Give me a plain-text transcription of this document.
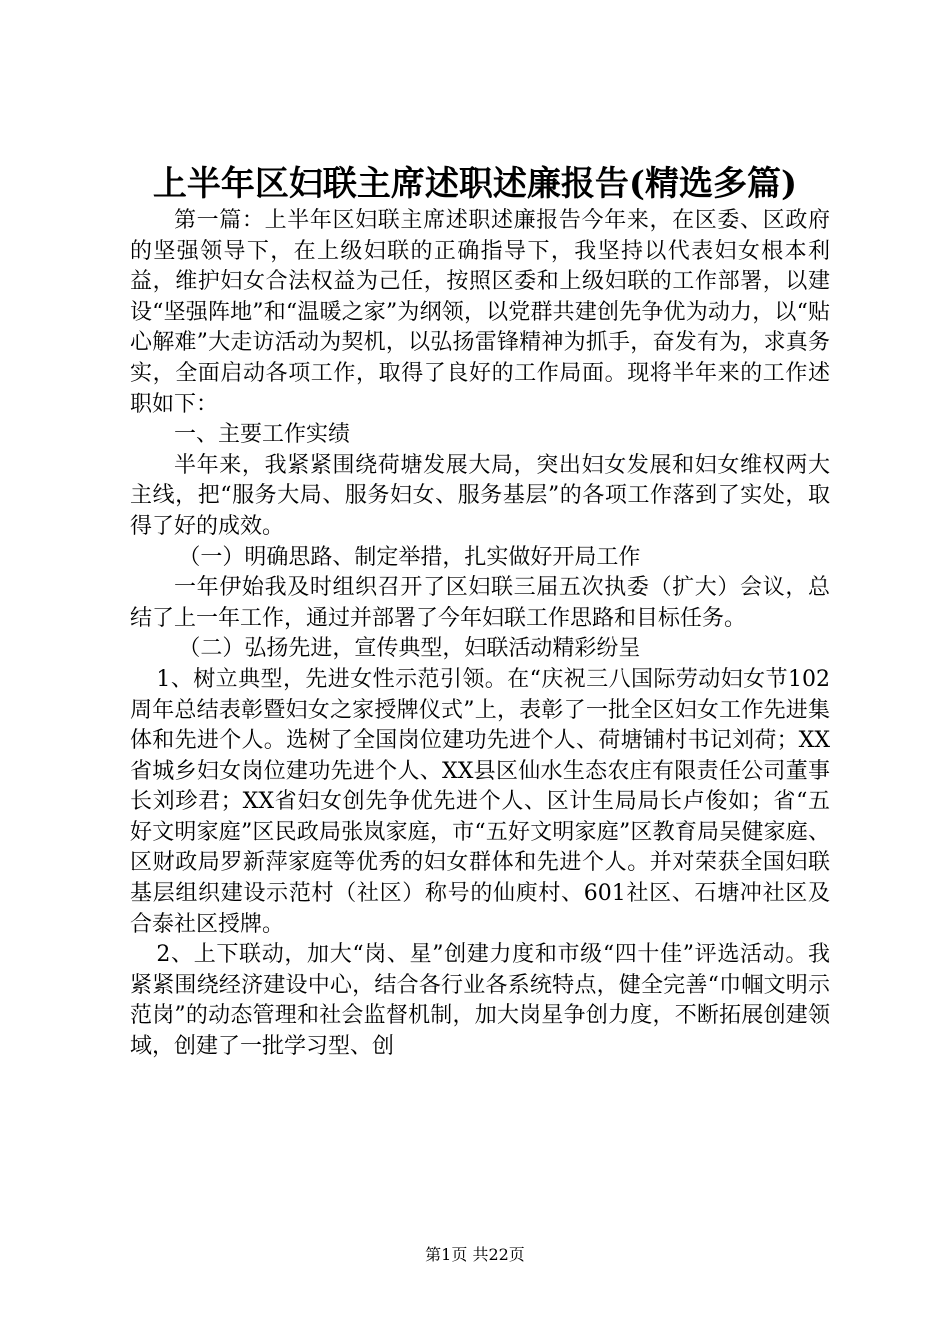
上半年区妇联主席述职述廉报告(精选多篇)

第一篇：上半年区妇联主席述职述廉报告今年来，在区委、区政府的坚强领导下，在上级妇联的正确指导下，我坚持以代表妇女根本利益，维护妇女合法权益为己任，按照区委和上级妇联的工作部署，以建设“坚强阵地”和“温暖之家”为纲领，以党群共建创先争优为动力，以“贴心解难”大走访活动为契机，以弘扬雷锋精神为抓手，奋发有为，求真务实，全面启动各项工作，取得了良好的工作局面。现将半年来的工作述职如下：

一、主要工作实绩

半年来，我紧紧围绕荷塘发展大局，突出妇女发展和妇女维权两大主线，把“服务大局、服务妇女、服务基层”的各项工作落到了实处，取得了好的成效。

（一）明确思路、制定举措，扎实做好开局工作

一年伊始我及时组织召开了区妇联三届五次执委（扩大）会议，总结了上一年工作，通过并部署了今年妇联工作思路和目标任务。

（二）弘扬先进，宣传典型，妇联活动精彩纷呈

1、树立典型，先进女性示范引领。在“庆祝三八国际劳动妇女节102周年总结表彰暨妇女之家授牌仪式”上，表彰了一批全区妇女工作先进集体和先进个人。选树了全国岗位建功先进个人、荷塘铺村书记刘荷；XX省城乡妇女岗位建功先进个人、XX县区仙水生态农庄有限责任公司董事长刘珍君；XX省妇女创先争优先进个人、区计生局局长卢俊如；省“五好文明家庭”区民政局张岚家庭，市“五好文明家庭”区教育局吴健家庭、区财政局罗新萍家庭等优秀的妇女群体和先进个人。并对荣获全国妇联基层组织建设示范村（社区）称号的仙庾村、601社区、石塘冲社区及合泰社区授牌。

2、上下联动，加大“岗、星”创建力度和市级“四十佳”评选活动。我紧紧围绕经济建设中心，结合各行业各系统特点，健全完善“巾帼文明示范岗”的动态管理和社会监督机制，加大岗星争创力度，不断拓展创建领域，创建了一批学习型、创

第1页 共22页
